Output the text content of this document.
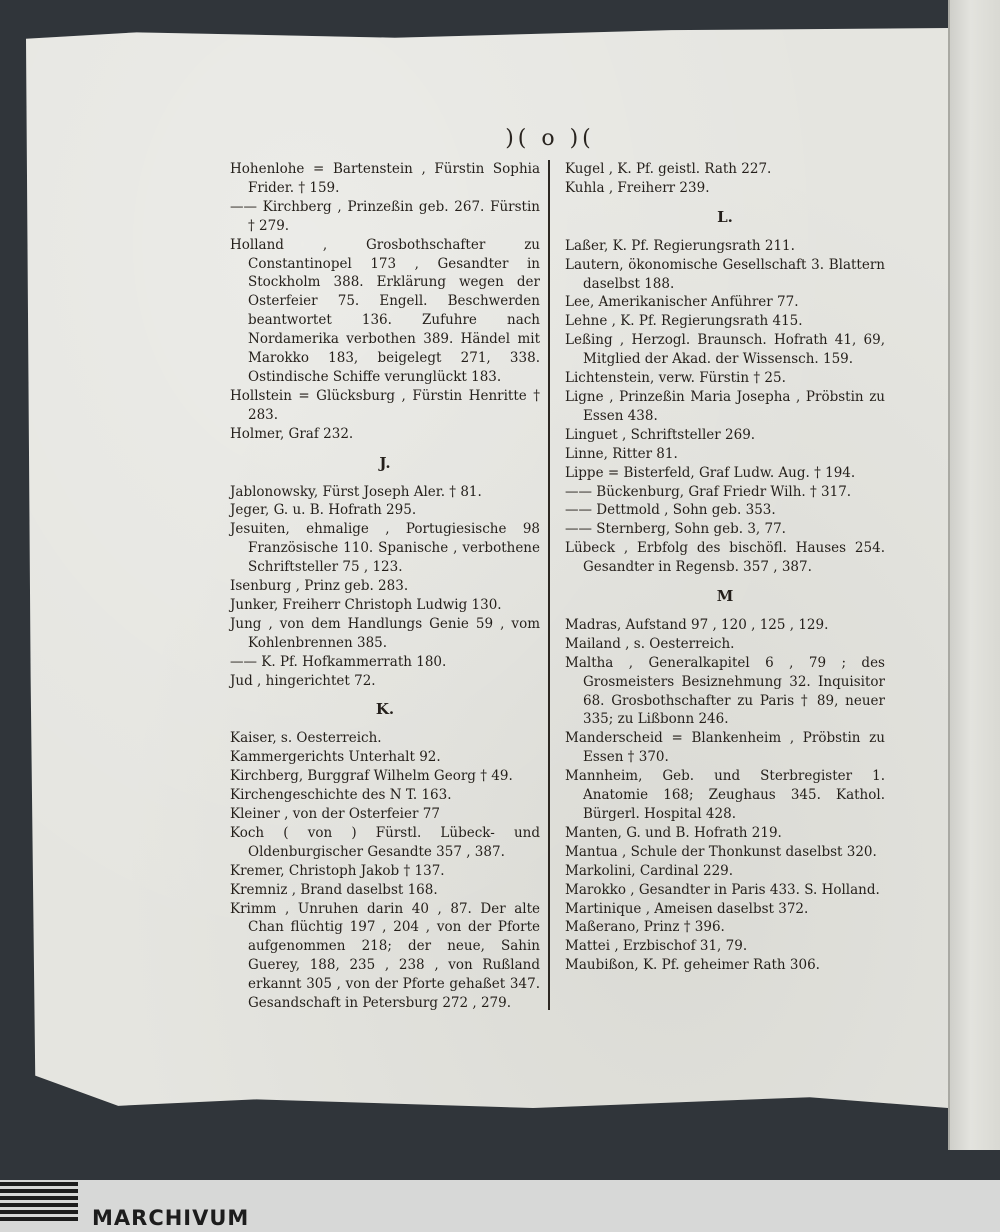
)( o )(
Hohenlohe = Bartenstein , Fürstin Sophia Frider. † 159.
—— Kirchberg , Prinzeßin geb. 267. Fürstin † 279.
Holland , Grosbothschafter zu Constantinopel 173 , Gesandter in Stockholm 388. Erklärung wegen der Osterfeier 75. Engell. Beschwerden beantwortet 136. Zufuhre nach Nordamerika verbothen 389. Händel mit Marokko 183, beigelegt 271, 338. Ostindische Schiffe verunglückt 183.
Hollstein = Glücksburg , Fürstin Henritte † 283.
Holmer, Graf 232.
J.
Jablonowsky, Fürst Joseph Aler. † 81.
Jeger, G. u. B. Hofrath 295.
Jesuiten, ehmalige , Portugiesische 98 Französische 110. Spanische , verbothene Schriftsteller 75 , 123.
Isenburg , Prinz geb. 283.
Junker, Freiherr Christoph Ludwig 130.
Jung , von dem Handlungs Genie 59 , vom Kohlenbrennen 385.
—— K. Pf. Hofkammerrath 180.
Jud , hingerichtet 72.
K.
Kaiser, s. Oesterreich.
Kammergerichts Unterhalt 92.
Kirchberg, Burggraf Wilhelm Georg † 49.
Kirchengeschichte des N T. 163.
Kleiner , von der Osterfeier 77
Koch ( von ) Fürstl. Lübeck- und Oldenburgischer Gesandte 357 , 387.
Kremer, Christoph Jakob † 137.
Kremniz , Brand daselbst 168.
Krimm , Unruhen darin 40 , 87. Der alte Chan flüchtig 197 , 204 , von der Pforte aufgenommen 218; der neue, Sahin Guerey, 188, 235 , 238 , von Rußland erkannt 305 , von der Pforte gehaßet 347. Gesandschaft in Petersburg 272 , 279.
Kugel , K. Pf. geistl. Rath 227.
Kuhla , Freiherr 239.
L.
Laßer, K. Pf. Regierungsrath 211.
Lautern, ökonomische Gesellschaft 3. Blattern daselbst 188.
Lee, Amerikanischer Anführer 77.
Lehne , K. Pf. Regierungsrath 415.
Leßing , Herzogl. Braunsch. Hofrath 41, 69, Mitglied der Akad. der Wissensch. 159.
Lichtenstein, verw. Fürstin † 25.
Ligne , Prinzeßin Maria Josepha , Pröbstin zu Essen 438.
Linguet , Schriftsteller 269.
Linne, Ritter 81.
Lippe = Bisterfeld, Graf Ludw. Aug. † 194.
—— Bückenburg, Graf Friedr Wilh. † 317.
—— Dettmold , Sohn geb. 353.
—— Sternberg, Sohn geb. 3, 77.
Lübeck , Erbfolg des bischöfl. Hauses 254. Gesandter in Regensb. 357 , 387.
M
Madras, Aufstand 97 , 120 , 125 , 129.
Mailand , s. Oesterreich.
Maltha , Generalkapitel 6 , 79 ; des Grosmeisters Besiznehmung 32. Inquisitor 68. Grosbothschafter zu Paris † 89, neuer 335; zu Lißbonn 246.
Manderscheid = Blankenheim , Pröbstin zu Essen † 370.
Mannheim, Geb. und Sterbregister 1. Anatomie 168; Zeughaus 345. Kathol. Bürgerl. Hospital 428.
Manten, G. und B. Hofrath 219.
Mantua , Schule der Thonkunst daselbst 320.
Markolini, Cardinal 229.
Marokko , Gesandter in Paris 433. S. Holland.
Martinique , Ameisen daselbst 372.
Maßerano, Prinz † 396.
Mattei , Erzbischof 31, 79.
Maubißon, K. Pf. geheimer Rath 306.
MARCHIVUM
